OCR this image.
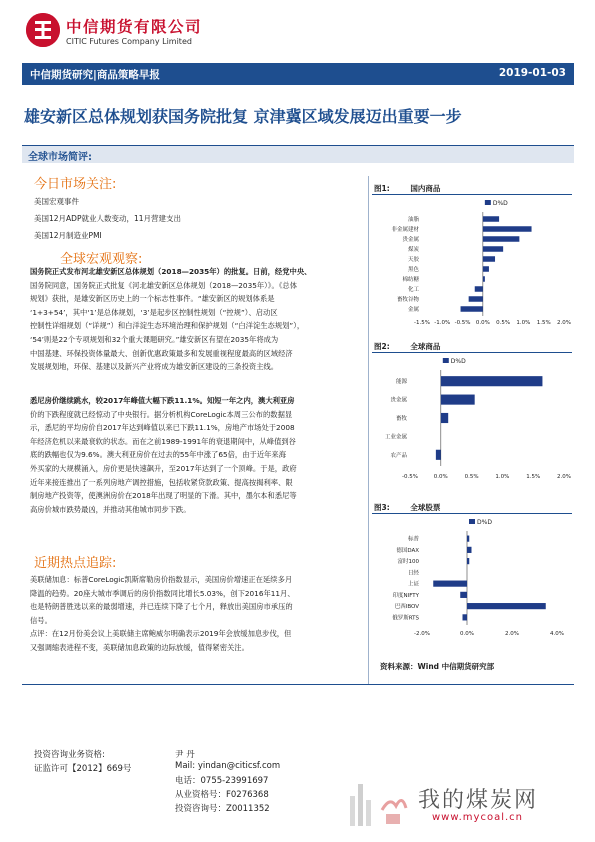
中信期货有限公司
CITIC Futures Company Limited
中信期货研究|商品策略早报	2019-01-03
雄安新区总体规划获国务院批复 京津冀区域发展迈出重要一步
全球市场简评:
今日市场关注:
美国宏观事件
美国12月ADP就业人数变动，11月营建支出
美国12月制造业PMI
全球宏观观察:
国务院正式发布河北雄安新区总体规划（2018—2035年）的批复。日前，经党中央、
国务院同意，国务院正式批复《河北雄安新区总体规划（2018—2035年）》。《总体
规划》获批，是雄安新区历史上的一个标志性事件。“雄安新区的规划体系是
‘1+3+54’，其中‘1’是总体规划，‘3’是起步区控制性规划（“控规”）、启动区
控制性详细规划（“详规”）和白洋淀生态环境治理和保护规划（“白洋淀生态规划”），
‘54’则是22个专项规划和32个重大课题研究。”雄安新区有望在2035年将成为
中国基建、环保投资体量最大、创新优惠政策最多和发展重视程度最高的区域经济
发展规划地，环保、基建以及新兴产业将成为雄安新区建设的三条投资主线。
悉尼房价继续跳水，较2017年峰值大幅下跌11.1%。知短一年之内，澳大利亚房
价的下跌程度就已经惊动了中央银行。据分析机构CoreLogic本周三公布的数据显
示，悉尼的平均房价自2017年达到峰值以来已下跌11.1%，房地产市场处于2008
年经济危机以来最衰软的状态。而在之前1989-1991年的衰退期间中，从峰值到谷
底的跌幅也仅为9.6%。澳大利亚房价在过去的55年中涨了65倍，由于近年来海
外买家的大规模涌入，房价更是快速飙升，至2017年达到了一个顶峰。于是，政府
近年来接连推出了一系列房地产调控措施，包括收紧贷款政策、提高按揭利率、限
制房地产投资等，使澳洲房价在2018年出现了明显的下滑。其中，墨尔本和悉尼等
高房价城市跌势最凶，并推动其他城市同步下跌。
近期热点追踪:
美联储加息：标普CoreLogic凯斯席勒房价指数显示，美国房价增速正在延续多月
降温的趋势。20座大城市季调后的房价指数同比增长5.03%，创下2016年11月、
也是特朗普胜选以来的最弱增速，并已连续下降了七个月，释放出美国房市承压的
信号。
点评：在12月份美会议上美联储主席鲍威尔明确表示2019年会放缓加息步伐，但
又强调缩表进程不变，美联储加息政策的边际放缓，值得紧密关注。
图1:	国内商品
D%D
油脂
非金属建材
贵金属
煤炭
天胶
黑色
棉纺糖
化工
畜牧谷物
金属
-1.5% -1.0% -0.5% 0.0% 0.5% 1.0% 1.5% 2.0%
图2:	全球商品
D%D
能源
贵金属
畜牧
工业金属
农产品
-0.5%	0.0%	0.5%	1.0%	1.5%	2.0%
图3:	全球股票
D%D
标普
德国DAX
富时100
日经
上证
印度NIFTY
巴西IBOV
俄罗斯RTS
-2.0%	0.0%	2.0%	4.0%
资料来源：Wind 中信期货研究部
投资咨询业务资格:
证监许可【2012】669号
尹 丹
Mail: yindan@citicsf.com
电话：0755-23991697
从业资格号：F0276368
投资咨询号：Z0011352	我的煤炭网
www.mycoal.cn
